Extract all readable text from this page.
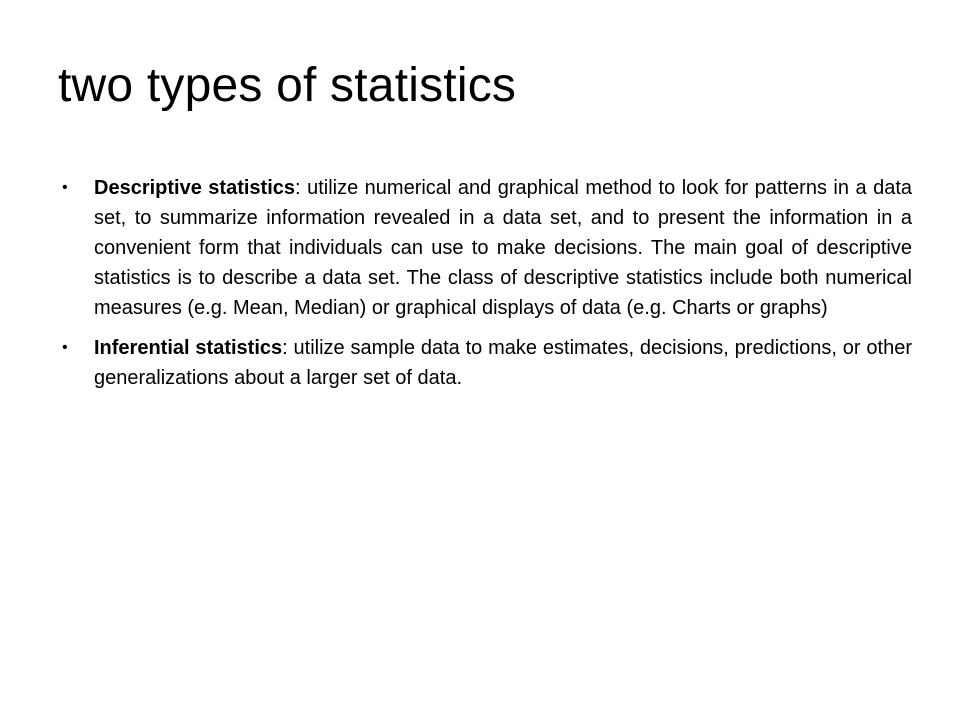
two types of statistics
• Descriptive statistics: utilize numerical and graphical method to look for patterns in a data set, to summarize information revealed in a data set, and to present the information in a convenient form that individuals can use to make decisions. The main goal of descriptive statistics is to describe a data set. The class of descriptive statistics include both numerical measures (e.g. Mean, Median) or graphical displays of data (e.g. Charts or graphs)
• Inferential statistics: utilize sample data to make estimates, decisions, predictions, or other generalizations about a larger set of data.
